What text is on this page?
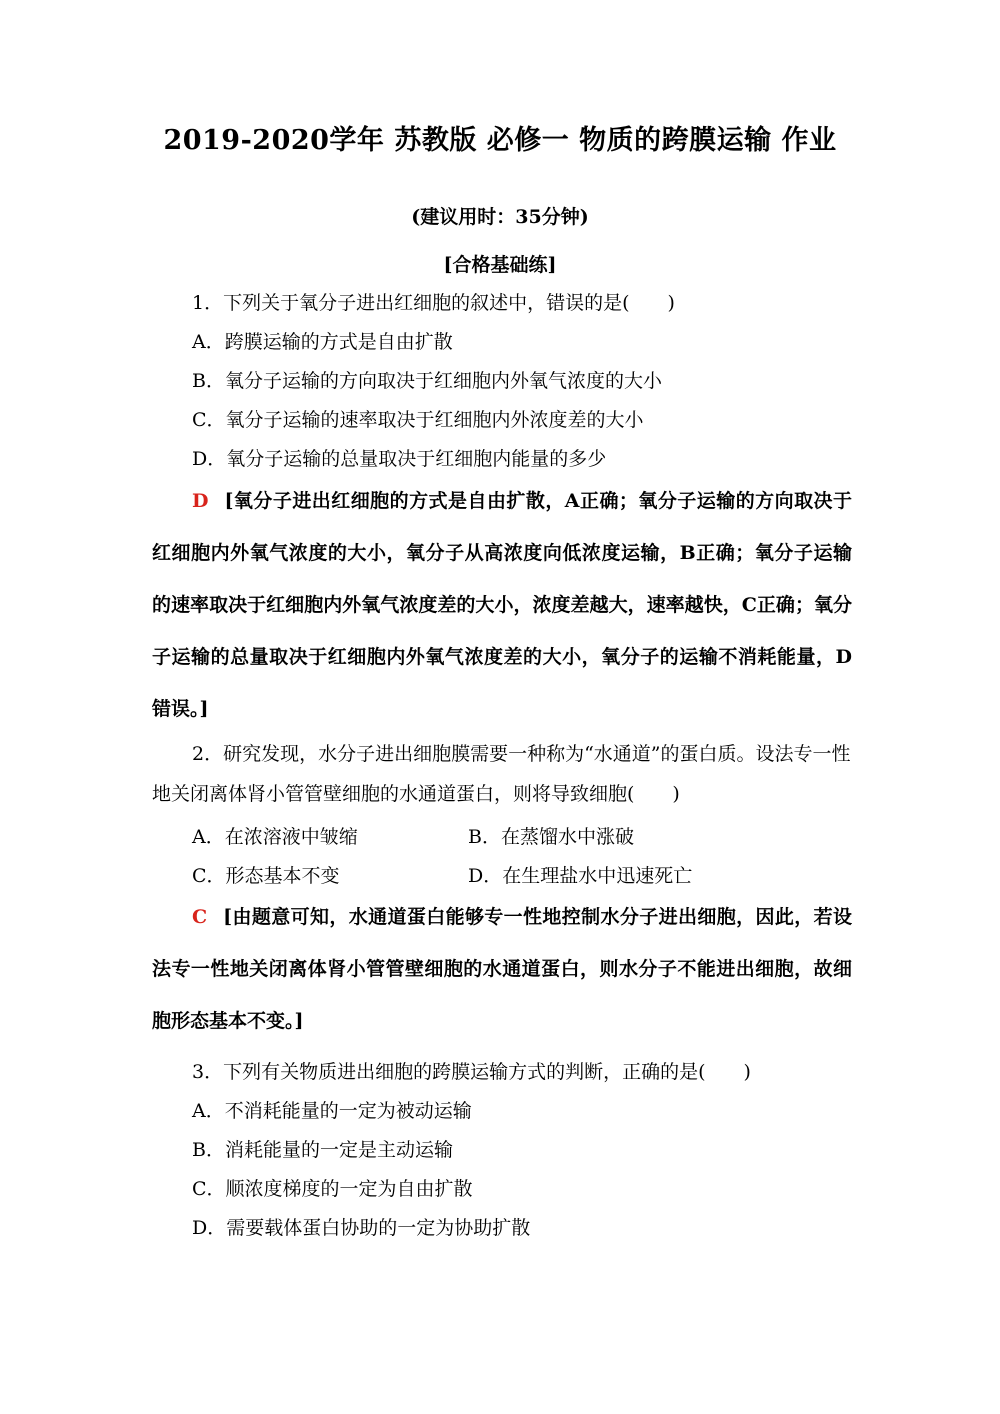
2019-2020学年 苏教版 必修一 物质的跨膜运输 作业
(建议用时：35分钟)
[合格基础练]
1．下列关于氧分子进出红细胞的叙述中，错误的是(　　)
A．跨膜运输的方式是自由扩散
B．氧分子运输的方向取决于红细胞内外氧气浓度的大小
C．氧分子运输的速率取决于红细胞内外浓度差的大小
D．氧分子运输的总量取决于红细胞内能量的多少
D [氧分子进出红细胞的方式是自由扩散，A正确；氧分子运输的方向取决于红细胞内外氧气浓度的大小，氧分子从高浓度向低浓度运输，B正确；氧分子运输的速率取决于红细胞内外氧气浓度差的大小，浓度差越大，速率越快，C正确；氧分子运输的总量取决于红细胞内外氧气浓度差的大小，氧分子的运输不消耗能量，D错误。]
2．研究发现，水分子进出细胞膜需要一种称为“水通道”的蛋白质。设法专一性地关闭离体肾小管管壁细胞的水通道蛋白，则将导致细胞(　　)
A．在浓溶液中皱缩	B．在蒸馏水中涨破
C．形态基本不变	D．在生理盐水中迅速死亡
C [由题意可知，水通道蛋白能够专一性地控制水分子进出细胞，因此，若设法专一性地关闭离体肾小管管壁细胞的水通道蛋白，则水分子不能进出细胞，故细胞形态基本不变。]
3．下列有关物质进出细胞的跨膜运输方式的判断，正确的是(　　)
A．不消耗能量的一定为被动运输
B．消耗能量的一定是主动运输
C．顺浓度梯度的一定为自由扩散
D．需要载体蛋白协助的一定为协助扩散
